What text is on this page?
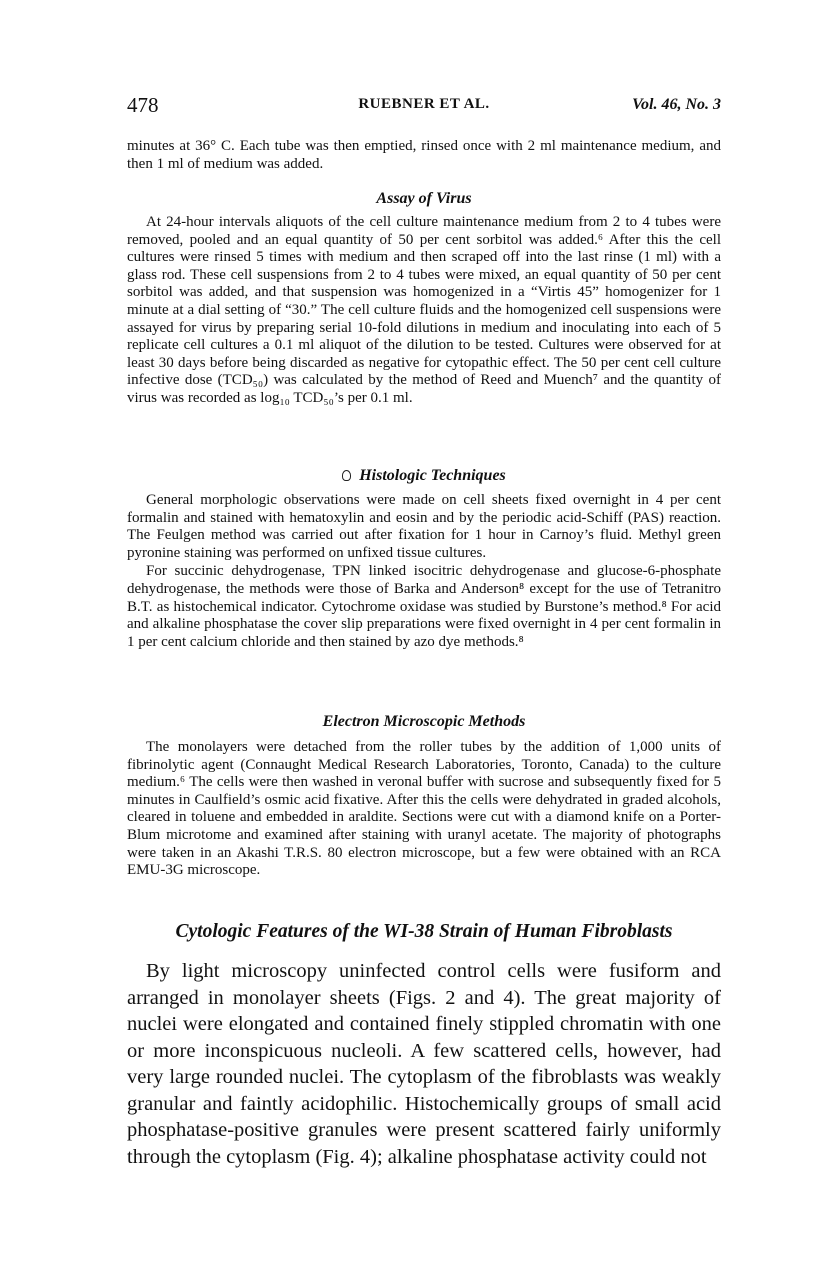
478	RUEBNER ET AL.	Vol. 46, No. 3

minutes at 36° C. Each tube was then emptied, rinsed once with 2 ml maintenance medium, and then 1 ml of medium was added.

Assay of Virus

At 24-hour intervals aliquots of the cell culture maintenance medium from 2 to 4 tubes were removed, pooled and an equal quantity of 50 per cent sorbitol was added.⁶ After this the cell cultures were rinsed 5 times with medium and then scraped off into the last rinse (1 ml) with a glass rod. These cell suspensions from 2 to 4 tubes were mixed, an equal quantity of 50 per cent sorbitol was added, and that suspension was homogenized in a “Virtis 45” homogenizer for 1 minute at a dial setting of “30.” The cell culture fluids and the homogenized cell suspensions were assayed for virus by preparing serial 10-fold dilutions in medium and inoculating into each of 5 replicate cell cultures a 0.1 ml aliquot of the dilution to be tested. Cultures were observed for at least 30 days before being discarded as negative for cytopathic effect. The 50 per cent cell culture infective dose (TCD₅₀) was calculated by the method of Reed and Muench⁷ and the quantity of virus was recorded as log₁₀ TCD₅₀’s per 0.1 ml.

Histologic Techniques

General morphologic observations were made on cell sheets fixed overnight in 4 per cent formalin and stained with hematoxylin and eosin and by the periodic acid-Schiff (PAS) reaction. The Feulgen method was carried out after fixation for 1 hour in Carnoy’s fluid. Methyl green pyronine staining was performed on unfixed tissue cultures.

For succinic dehydrogenase, TPN linked isocitric dehydrogenase and glucose-6-phosphate dehydrogenase, the methods were those of Barka and Anderson⁸ except for the use of Tetranitro B.T. as histochemical indicator. Cytochrome oxidase was studied by Burstone’s method.⁸ For acid and alkaline phosphatase the cover slip preparations were fixed overnight in 4 per cent formalin in 1 per cent calcium chloride and then stained by azo dye methods.⁸

Electron Microscopic Methods

The monolayers were detached from the roller tubes by the addition of 1,000 units of fibrinolytic agent (Connaught Medical Research Laboratories, Toronto, Canada) to the culture medium.⁶ The cells were then washed in veronal buffer with sucrose and subsequently fixed for 5 minutes in Caulfield’s osmic acid fixative. After this the cells were dehydrated in graded alcohols, cleared in toluene and embedded in araldite. Sections were cut with a diamond knife on a Porter-Blum microtome and examined after staining with uranyl acetate. The majority of photographs were taken in an Akashi T.R.S. 80 electron microscope, but a few were obtained with an RCA EMU-3G microscope.

Cytologic Features of the WI-38 Strain of Human Fibroblasts

By light microscopy uninfected control cells were fusiform and arranged in monolayer sheets (Figs. 2 and 4). The great majority of nuclei were elongated and contained finely stippled chromatin with one or more inconspicuous nucleoli. A few scattered cells, however, had very large rounded nuclei. The cytoplasm of the fibroblasts was weakly granular and faintly acidophilic. Histochemically groups of small acid phosphatase-positive granules were present scattered fairly uniformly through the cytoplasm (Fig. 4); alkaline phosphatase activity could not
